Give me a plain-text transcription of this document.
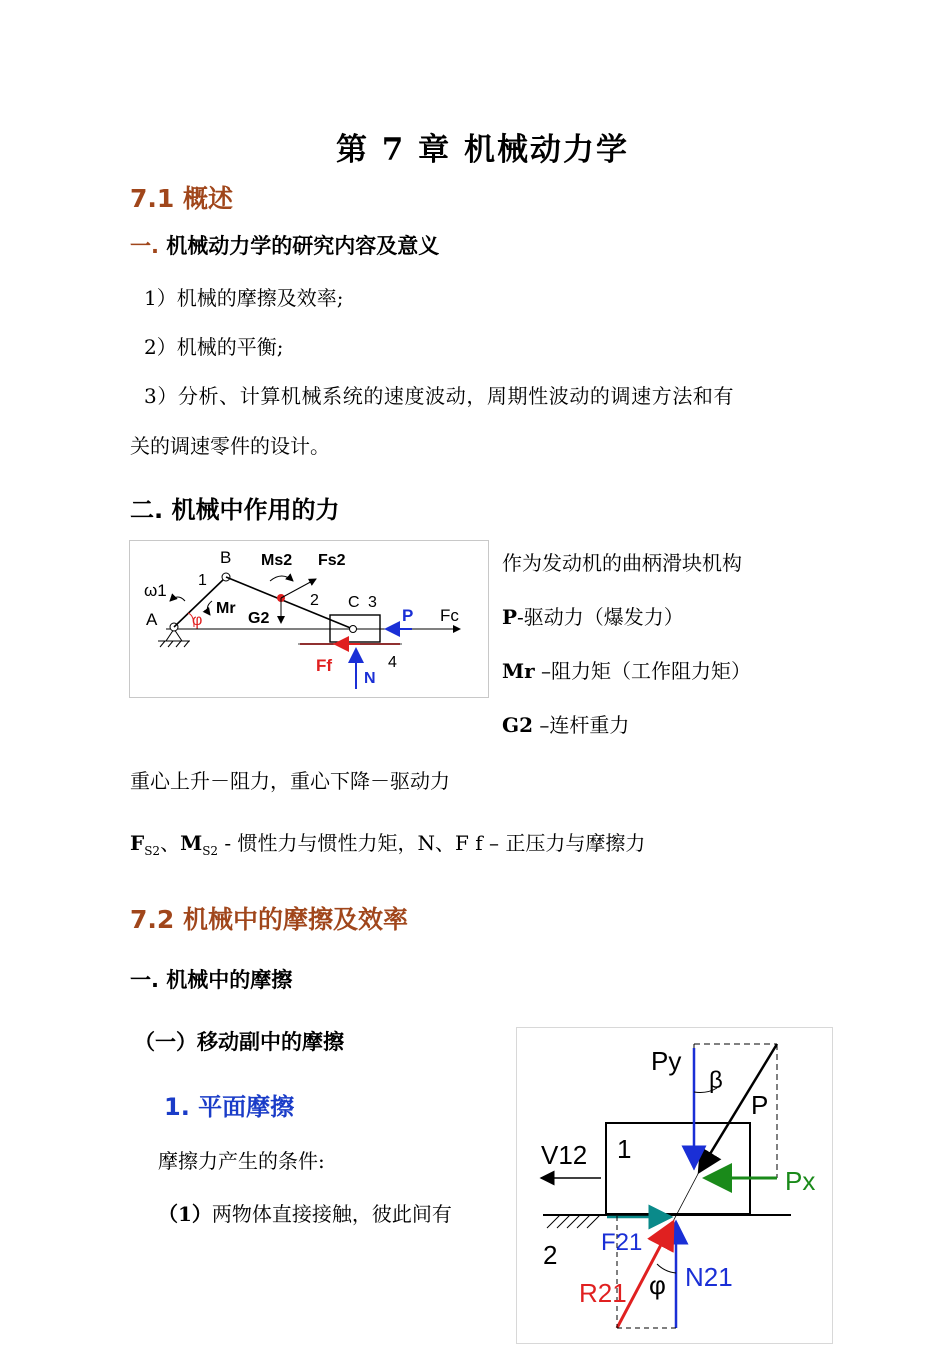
第 7 章 机械动力学
7.1 概述
一. 机械动力学的研究内容及意义
1）机械的摩擦及效率;
2）机械的平衡;
3）分析、计算机械系统的速度波动，周期性波动的调速方法和有
关的调速零件的设计。
二. 机械中作用的力
B Ms2 Fs2
ω1
1
A φ
Mr
G2
2 C 3
P Fc
Ff
N
4
作为发动机的曲柄滑块机构
P-驱动力（爆发力）
Mr –阻力矩（工作阻力矩）
G2 –连杆重力
重心上升－阻力，重心下降－驱动力
$F_{S2}$、$M_{S2}$ - 惯性力与惯性力矩，N、F f – 正压力与摩擦力
7.2 机械中的摩擦及效率
一. 机械中的摩擦
（一）移动副中的摩擦
1. 平面摩擦
摩擦力产生的条件:
（1）两物体直接接触，彼此间有
Py
β
P
V12 1
Px
F21
2
R21 φ N21
